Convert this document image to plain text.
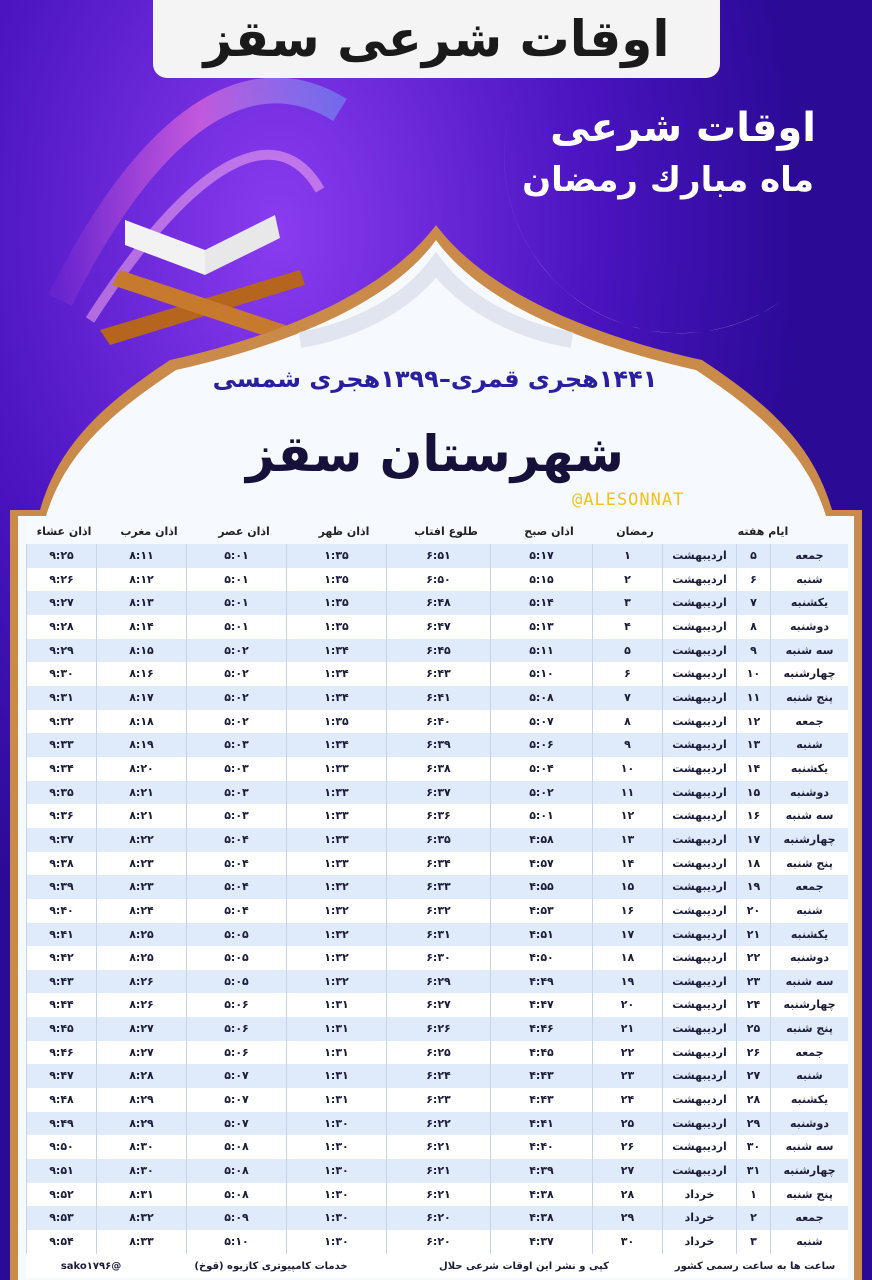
اوقات شرعی سقز
اوقات شرعی
ماه مبارك رمضان
۱۴۴۱هجری قمری–۱۳۹۹هجری شمسی
شهرستان سقز
@ALESONNAT
ایام هفته
رمضان
اذان صبح
طلوع افتاب
اذان ظهر
اذان عصر
اذان مغرب
اذان عشاء
جمعه
۵
اردیبهشت
۱
۵:۱۷
۶:۵۱
۱:۳۵
۵:۰۱
۸:۱۱
۹:۲۵
شنبه
۶
اردیبهشت
۲
۵:۱۵
۶:۵۰
۱:۳۵
۵:۰۱
۸:۱۲
۹:۲۶
یکشنبه
۷
اردیبهشت
۳
۵:۱۴
۶:۴۸
۱:۳۵
۵:۰۱
۸:۱۳
۹:۲۷
دوشنبه
۸
اردیبهشت
۴
۵:۱۳
۶:۴۷
۱:۳۵
۵:۰۱
۸:۱۴
۹:۲۸
سه شنبه
۹
اردیبهشت
۵
۵:۱۱
۶:۴۵
۱:۳۴
۵:۰۲
۸:۱۵
۹:۲۹
چهارشنبه
۱۰
اردیبهشت
۶
۵:۱۰
۶:۴۳
۱:۳۴
۵:۰۲
۸:۱۶
۹:۳۰
پنج شنبه
۱۱
اردیبهشت
۷
۵:۰۸
۶:۴۱
۱:۳۴
۵:۰۲
۸:۱۷
۹:۳۱
جمعه
۱۲
اردیبهشت
۸
۵:۰۷
۶:۴۰
۱:۳۵
۵:۰۲
۸:۱۸
۹:۳۲
شنبه
۱۳
اردیبهشت
۹
۵:۰۶
۶:۳۹
۱:۳۴
۵:۰۳
۸:۱۹
۹:۳۳
یکشنبه
۱۴
اردیبهشت
۱۰
۵:۰۴
۶:۳۸
۱:۳۳
۵:۰۳
۸:۲۰
۹:۳۴
دوشنبه
۱۵
اردیبهشت
۱۱
۵:۰۲
۶:۳۷
۱:۳۳
۵:۰۳
۸:۲۱
۹:۳۵
سه شنبه
۱۶
اردیبهشت
۱۲
۵:۰۱
۶:۳۶
۱:۳۳
۵:۰۳
۸:۲۱
۹:۳۶
چهارشنبه
۱۷
اردیبهشت
۱۳
۴:۵۸
۶:۳۵
۱:۳۳
۵:۰۴
۸:۲۲
۹:۳۷
پنج شنبه
۱۸
اردیبهشت
۱۴
۴:۵۷
۶:۳۴
۱:۳۳
۵:۰۴
۸:۲۳
۹:۳۸
جمعه
۱۹
اردیبهشت
۱۵
۴:۵۵
۶:۳۳
۱:۳۲
۵:۰۴
۸:۲۳
۹:۳۹
شنبه
۲۰
اردیبهشت
۱۶
۴:۵۳
۶:۳۲
۱:۳۲
۵:۰۴
۸:۲۴
۹:۴۰
یکشنبه
۲۱
اردیبهشت
۱۷
۴:۵۱
۶:۳۱
۱:۳۲
۵:۰۵
۸:۲۵
۹:۴۱
دوشنبه
۲۲
اردیبهشت
۱۸
۴:۵۰
۶:۳۰
۱:۳۲
۵:۰۵
۸:۲۵
۹:۴۲
سه شنبه
۲۳
اردیبهشت
۱۹
۴:۴۹
۶:۲۹
۱:۳۲
۵:۰۵
۸:۲۶
۹:۴۳
چهارشنبه
۲۴
اردیبهشت
۲۰
۴:۴۷
۶:۲۷
۱:۳۱
۵:۰۶
۸:۲۶
۹:۴۴
پنج شنبه
۲۵
اردیبهشت
۲۱
۴:۴۶
۶:۲۶
۱:۳۱
۵:۰۶
۸:۲۷
۹:۴۵
جمعه
۲۶
اردیبهشت
۲۲
۴:۴۵
۶:۲۵
۱:۳۱
۵:۰۶
۸:۲۷
۹:۴۶
شنبه
۲۷
اردیبهشت
۲۳
۴:۴۳
۶:۲۴
۱:۳۱
۵:۰۷
۸:۲۸
۹:۴۷
یکشنبه
۲۸
اردیبهشت
۲۴
۴:۴۳
۶:۲۳
۱:۳۱
۵:۰۷
۸:۲۹
۹:۴۸
دوشنبه
۲۹
اردیبهشت
۲۵
۴:۴۱
۶:۲۲
۱:۳۰
۵:۰۷
۸:۲۹
۹:۴۹
سه شنبه
۳۰
اردیبهشت
۲۶
۴:۴۰
۶:۲۱
۱:۳۰
۵:۰۸
۸:۳۰
۹:۵۰
چهارشنبه
۳۱
اردیبهشت
۲۷
۴:۳۹
۶:۲۱
۱:۳۰
۵:۰۸
۸:۳۰
۹:۵۱
پنج شنبه
۱
خرداد
۲۸
۴:۳۸
۶:۲۱
۱:۳۰
۵:۰۸
۸:۳۱
۹:۵۲
جمعه
۲
خرداد
۲۹
۴:۳۸
۶:۲۰
۱:۳۰
۵:۰۹
۸:۳۲
۹:۵۳
شنبه
۳
خرداد
۳۰
۴:۳۷
۶:۲۰
۱:۳۰
۵:۱۰
۸:۳۳
۹:۵۴
ساعت ها به ساعت رسمی کشور
کپی و نشر این اوقات شرعی حلال
خدمات کامپیوتری کازیوه (قوخ)
@sako۱۷۹۶
